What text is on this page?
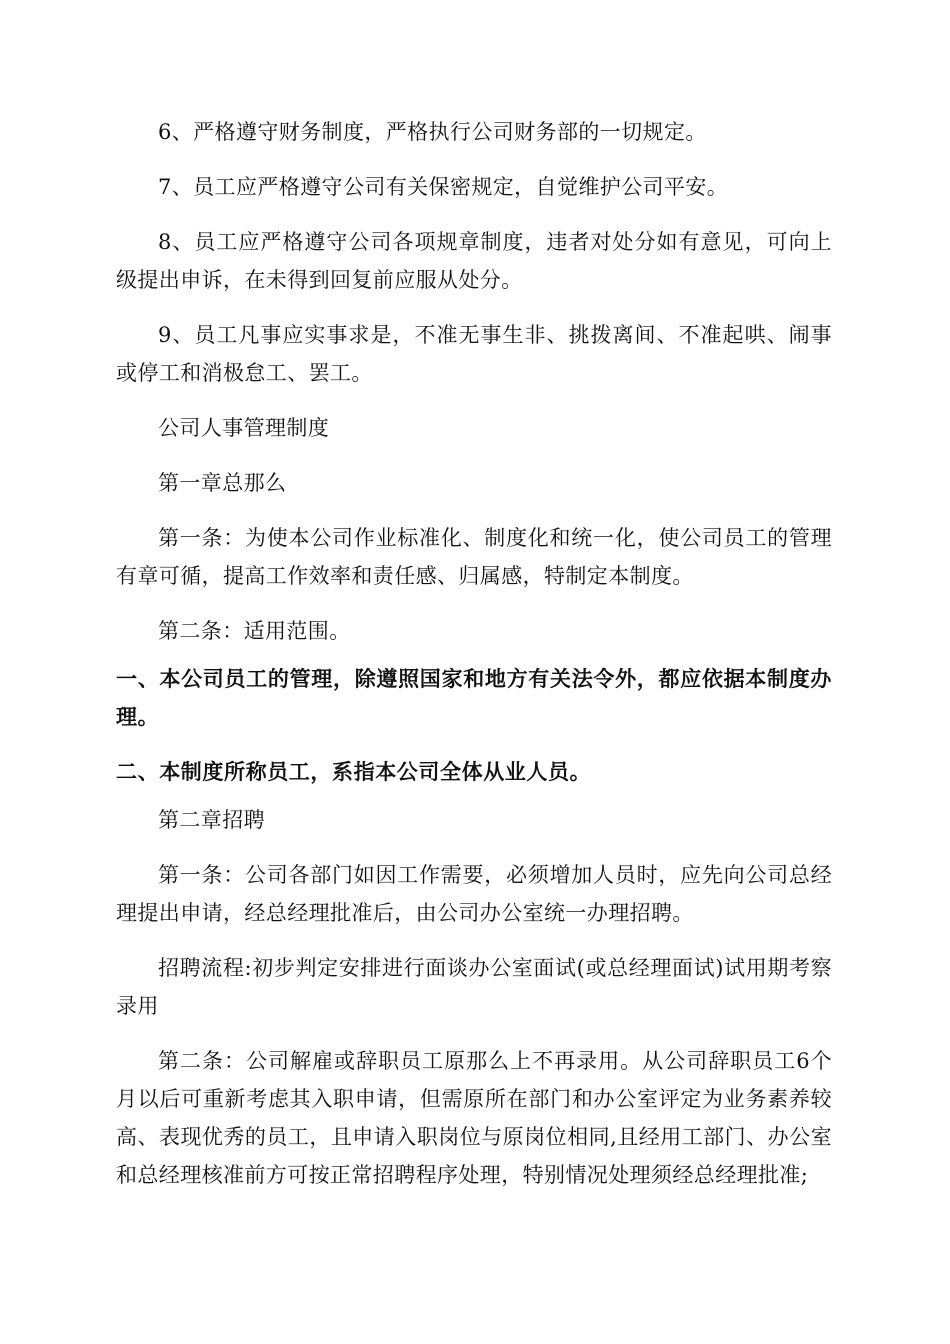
6、严格遵守财务制度，严格执行公司财务部的一切规定。

7、员工应严格遵守公司有关保密规定，自觉维护公司平安。

8、员工应严格遵守公司各项规章制度，违者对处分如有意见，可向上级提出申诉，在未得到回复前应服从处分。

9、员工凡事应实事求是，不准无事生非、挑拨离间、不准起哄、闹事或停工和消极怠工、罢工。

公司人事管理制度

第一章总那么

第一条：为使本公司作业标准化、制度化和统一化，使公司员工的管理有章可循，提高工作效率和责任感、归属感，特制定本制度。

第二条：适用范围。

一、本公司员工的管理，除遵照国家和地方有关法令外，都应依据本制度办理。

二、本制度所称员工，系指本公司全体从业人员。

第二章招聘

第一条：公司各部门如因工作需要，必须增加人员时，应先向公司总经理提出申请，经总经理批准后，由公司办公室统一办理招聘。

招聘流程:初步判定安排进行面谈办公室面试(或总经理面试)试用期考察录用

第二条：公司解雇或辞职员工原那么上不再录用。从公司辞职员工6个月以后可重新考虑其入职申请，但需原所在部门和办公室评定为业务素养较高、表现优秀的员工，且申请入职岗位与原岗位相同,且经用工部门、办公室和总经理核准前方可按正常招聘程序处理，特别情况处理须经总经理批准;
